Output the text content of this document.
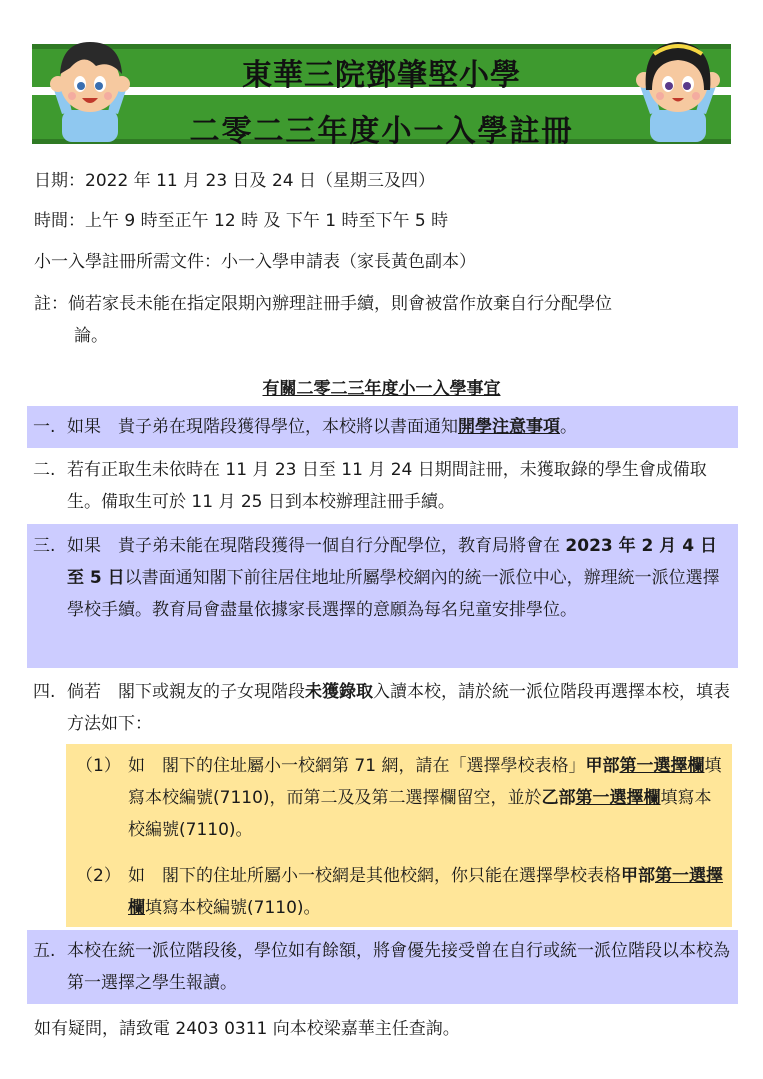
東華三院鄧肇堅小學
二零二三年度小一入學註冊
日期：2022 年 11 月 23 日及 24 日（星期三及四）
時間：上午 9 時至正午 12 時 及 下午 1 時至下午 5 時
小一入學註冊所需文件：小一入學申請表（家長黃色副本）
註：倘若家長未能在指定限期內辦理註冊手續，則會被當作放棄自行分配學位
論。
有關二零二三年度小一入學事宜
一. 如果　貴子弟在現階段獲得學位，本校將以書面通知開學注意事項。
二. 若有正取生未依時在 11 月 23 日至 11 月 24 日期間註冊，未獲取錄的學生會成備取生。備取生可於 11 月 25 日到本校辦理註冊手續。
三. 如果　貴子弟未能在現階段獲得一個自行分配學位，教育局將會在 2023 年 2 月 4 日至 5 日以書面通知閣下前往居住地址所屬學校網內的統一派位中心，辦理統一派位選擇學校手續。教育局會盡量依據家長選擇的意願為每名兒童安排學位。
四. 倘若　閣下或親友的子女現階段未獲錄取入讀本校，請於統一派位階段再選擇本校，填表方法如下：
（1） 如　閣下的住址屬小一校網第 71 網，請在「選擇學校表格」甲部第一選擇欄填寫本校編號(7110)，而第二及及第二選擇欄留空，並於乙部第一選擇欄填寫本校編號(7110)。
（2） 如　閣下的住址所屬小一校網是其他校網，你只能在選擇學校表格甲部第一選擇欄填寫本校編號(7110)。
五. 本校在統一派位階段後，學位如有餘額，將會優先接受曾在自行或統一派位階段以本校為第一選擇之學生報讀。
如有疑問，請致電 2403 0311 向本校梁嘉華主任查詢。
